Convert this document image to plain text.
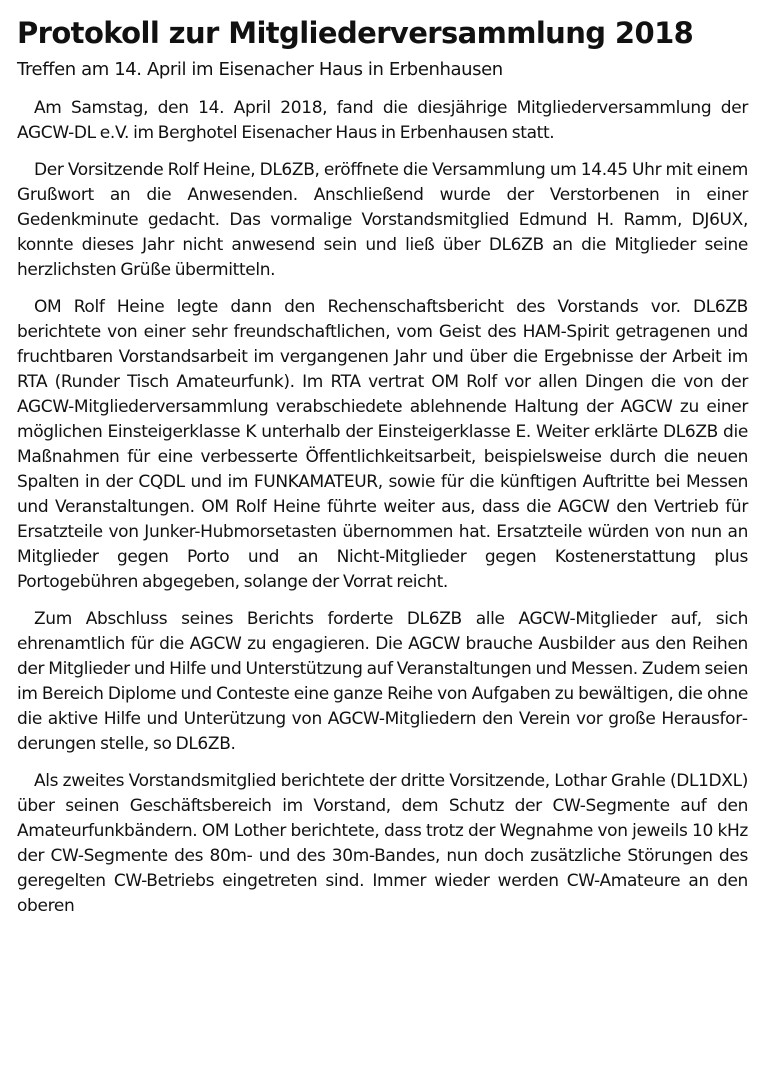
Protokoll zur Mitgliederversammlung 2018
Treffen am 14. April im Eisenacher Haus in Erbenhausen

Am Samstag, den 14. April 2018, fand die diesjährige Mitgliederversammlung der AGCW-DL e.V. im Berghotel Eisenacher Haus in Erbenhausen statt.

Der Vorsitzende Rolf Heine, DL6ZB, eröffnete die Versammlung um 14.45 Uhr mit einem Grußwort an die Anwesenden. Anschließend wurde der Verstorbenen in einer Gedenkminute gedacht. Das vormalige Vorstandsmitglied Edmund H. Ramm, DJ6UX, konnte dieses Jahr nicht anwesend sein und ließ über DL6ZB an die Mitglieder seine herzlichsten Grüße übermitteln.

OM Rolf Heine legte dann den Rechenschaftsbericht des Vorstands vor. DL6ZB berichtete von einer sehr freundschaftlichen, vom Geist des HAM-Spirit getragenen und fruchtbaren Vorstandsarbeit im vergangenen Jahr und über die Ergebnisse der Arbeit im RTA (Runder Tisch Amateurfunk). Im RTA vertrat OM Rolf vor allen Dingen die von der AGCW-Mitgliederversammlung verabschiedete ablehnende Haltung der AGCW zu einer möglichen Einsteigerklasse K unterhalb der Einsteigerklasse E. Weiter erklärte DL6ZB die Maßnahmen für eine verbesserte Öffentlichkeitsarbeit, beispielsweise durch die neuen Spalten in der CQDL und im FUNKAMATEUR, sowie für die künftigen Auftritte bei Messen und Veranstaltungen. OM Rolf Heine führte weiter aus, dass die AGCW den Vertrieb für Ersatzteile von Junker-Hubmorsetasten übernommen hat. Ersatzteile würden von nun an Mitglieder gegen Porto und an Nicht-Mitglieder gegen Kostenerstattung plus Portogebühren abgegeben, solange der Vorrat reicht.

Zum Abschluss seines Berichts forderte DL6ZB alle AGCW-Mitglieder auf, sich ehrenamtlich für die AGCW zu engagieren. Die AGCW brauche Ausbilder aus den Reihen der Mitglieder und Hilfe und Unterstützung auf Veranstaltungen und Messen. Zudem seien im Bereich Diplome und Conteste eine ganze Reihe von Aufgaben zu bewältigen, die ohne die aktive Hilfe und Unterützung von AGCW-Mitgliedern den Verein vor große Herausforderungen stelle, so DL6ZB.

Als zweites Vorstandsmitglied berichtete der dritte Vorsitzende, Lothar Grahle (DL1DXL) über seinen Geschäftsbereich im Vorstand, dem Schutz der CW-Segmente auf den Amateurfunkbändern. OM Lother berichtete, dass trotz der Wegnahme von jeweils 10 kHz der CW-Segmente des 80m- und des 30m-Bandes, nun doch zusätzliche Störungen des geregelten CW-Betriebs eingetreten sind. Immer wieder werden CW-Amateure an den oberen
